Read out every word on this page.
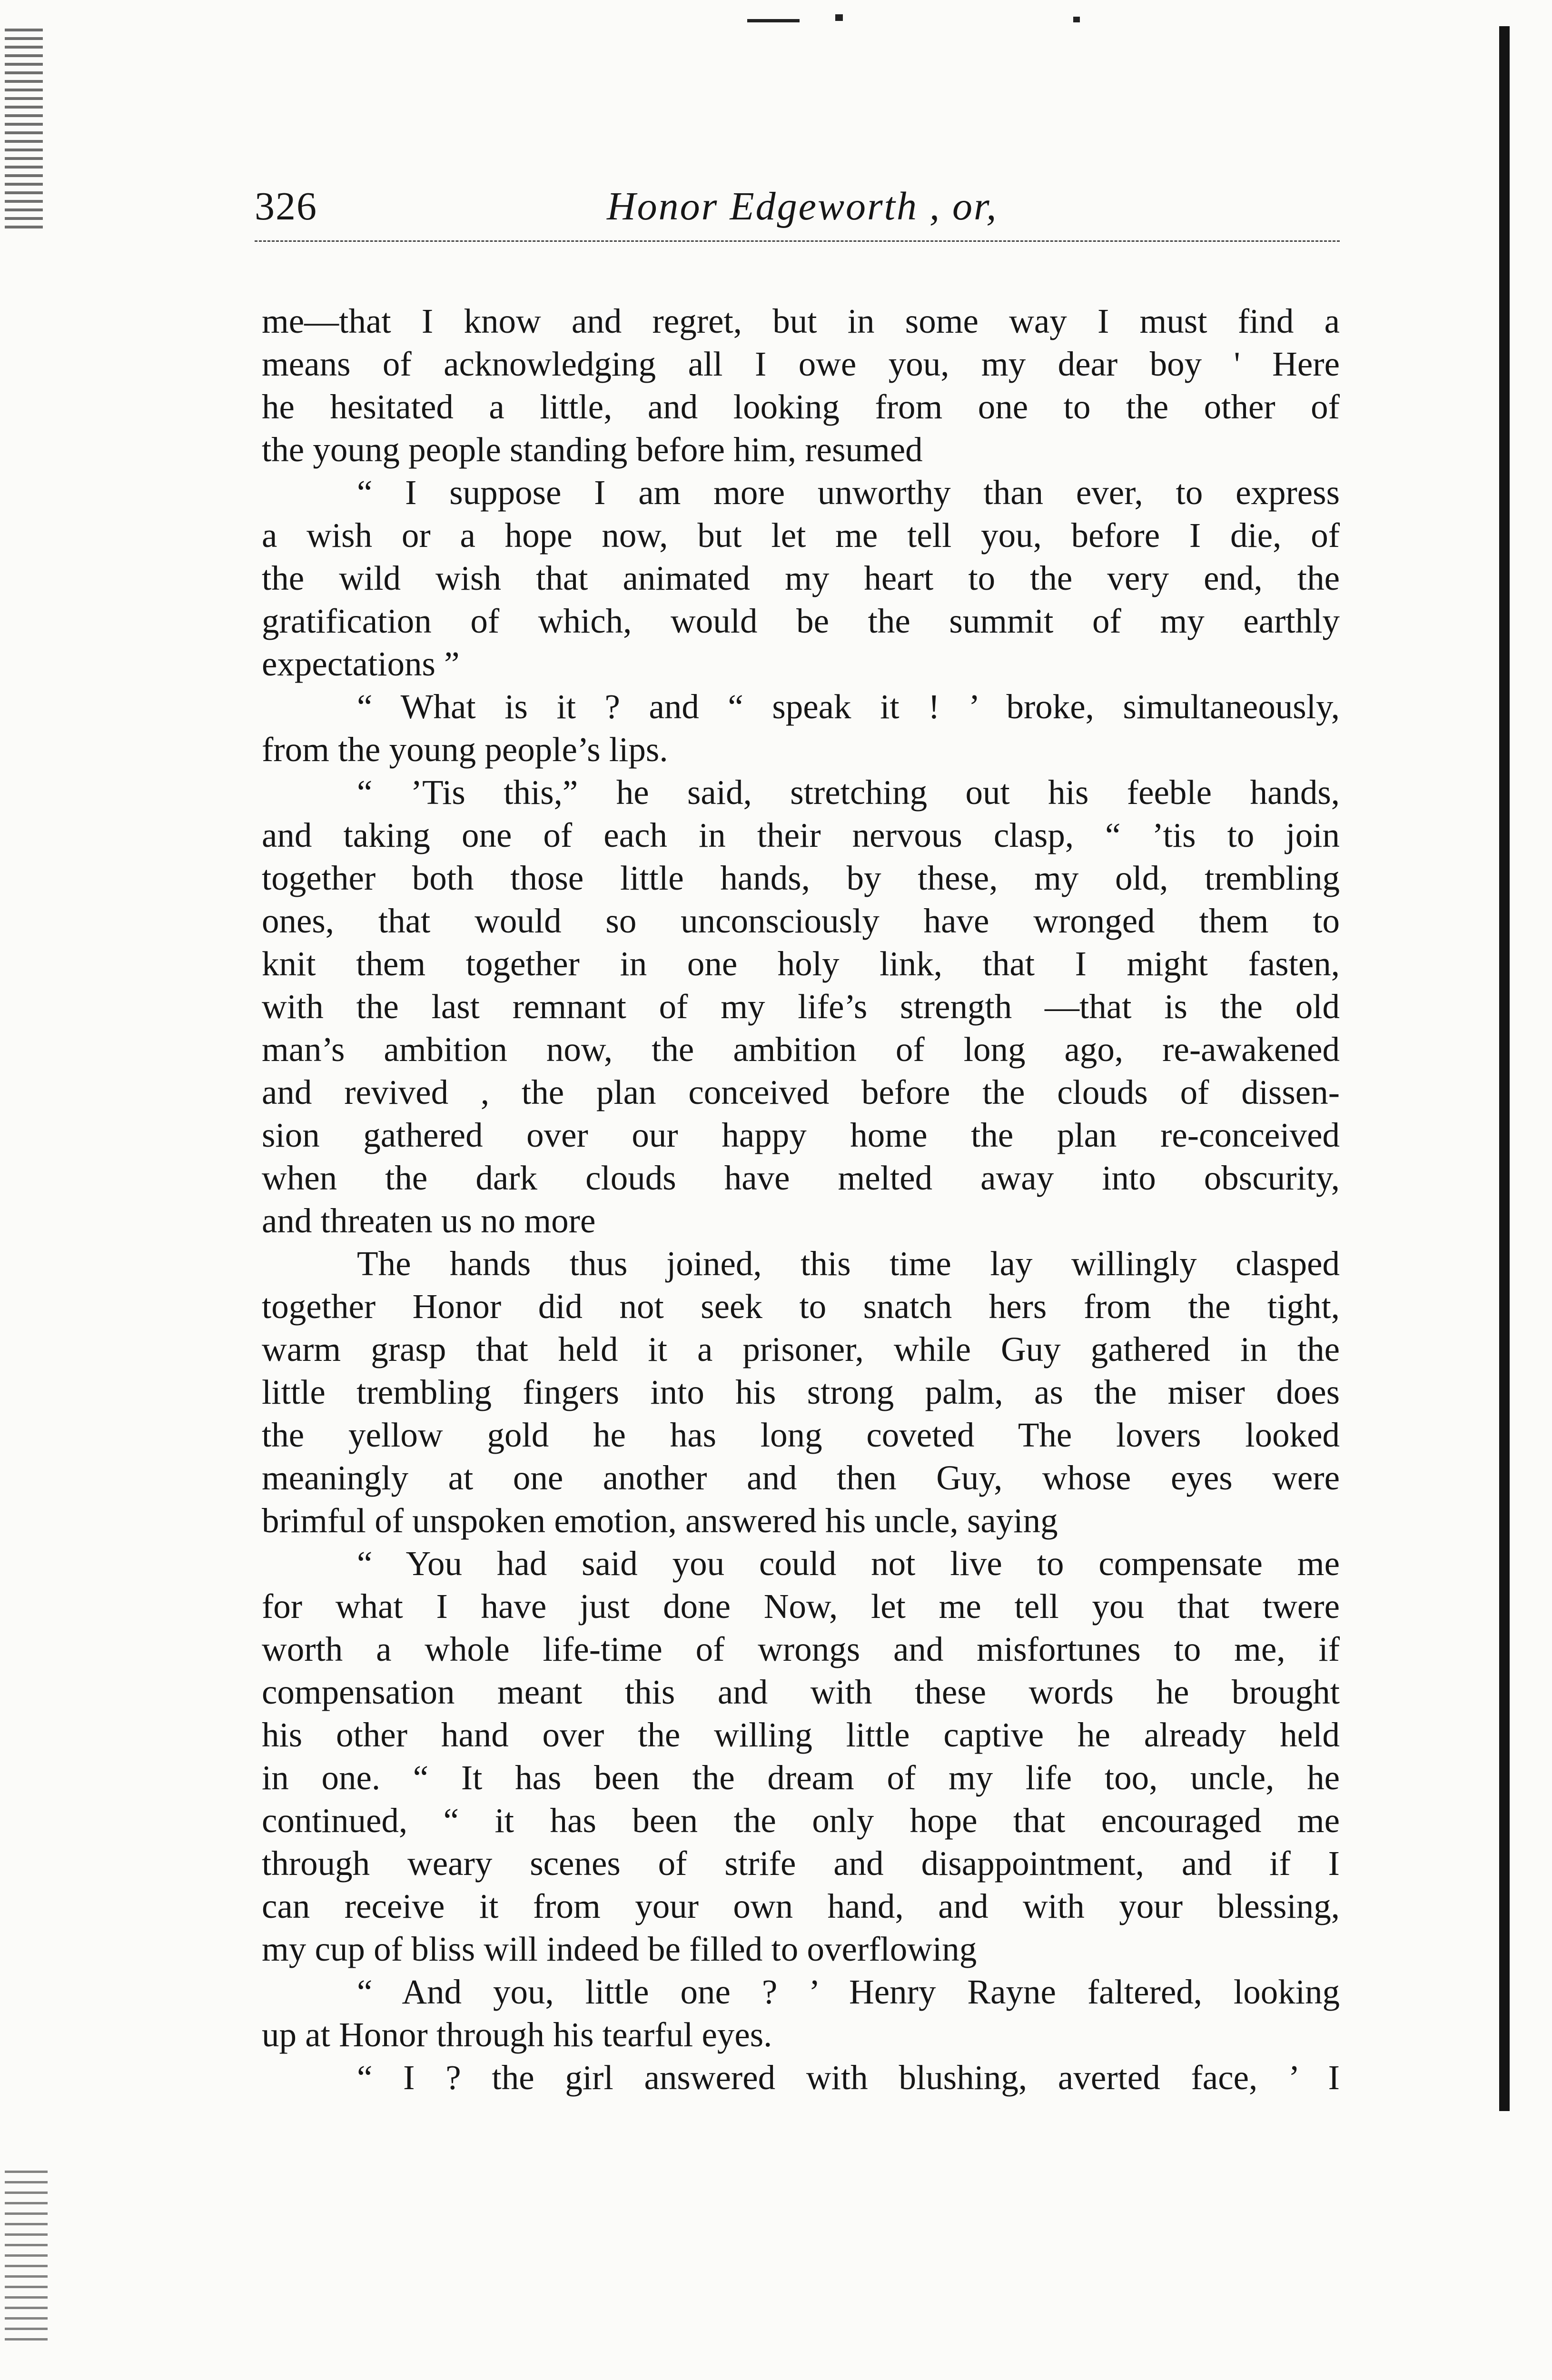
326	Honor Edgeworth , or,
me—that I know and regret, but in some way I must find a
means of acknowledging all I owe you, my dear boy ' Here
he hesitated a little, and looking from one to the other of
the young people standing before him, resumed
“ I suppose I am more unworthy than ever, to express
a wish or a hope now, but let me tell you, before I die, of
the wild wish that animated my heart to the very end, the
gratification of which, would be the summit of my earthly
expectations ”
“ What is it ? and “ speak it ! ’ broke, simultaneously,
from the young people’s lips.
“ ’Tis this,” he said, stretching out his feeble hands,
and taking one of each in their nervous clasp, “ ’tis to join
together both those little hands, by these, my old, trembling
ones, that would so unconsciously have wronged them to
knit them together in one holy link, that I might fasten,
with the last remnant of my life’s strength —that is the old
man’s ambition now, the ambition of long ago, re-awakened
and revived , the plan conceived before the clouds of dissen-
sion gathered over our happy home the plan re-conceived
when the dark clouds have melted away into obscurity,
and threaten us no more
The hands thus joined, this time lay willingly clasped
together Honor did not seek to snatch hers from the tight,
warm grasp that held it a prisoner, while Guy gathered in the
little trembling fingers into his strong palm, as the miser does
the yellow gold he has long coveted The lovers looked
meaningly at one another and then Guy, whose eyes were
brimful of unspoken emotion, answered his uncle, saying
“ You had said you could not live to compensate me
for what I have just done Now, let me tell you that twere
worth a whole life-time of wrongs and misfortunes to me, if
compensation meant this and with these words he brought
his other hand over the willing little captive he already held
in one. “ It has been the dream of my life too, uncle, he
continued, “ it has been the only hope that encouraged me
through weary scenes of strife and disappointment, and if I
can receive it from your own hand, and with your blessing,
my cup of bliss will indeed be filled to overflowing
“ And you, little one ? ’ Henry Rayne faltered, looking
up at Honor through his tearful eyes.
“ I ? the girl answered with blushing, averted face, ’ I
